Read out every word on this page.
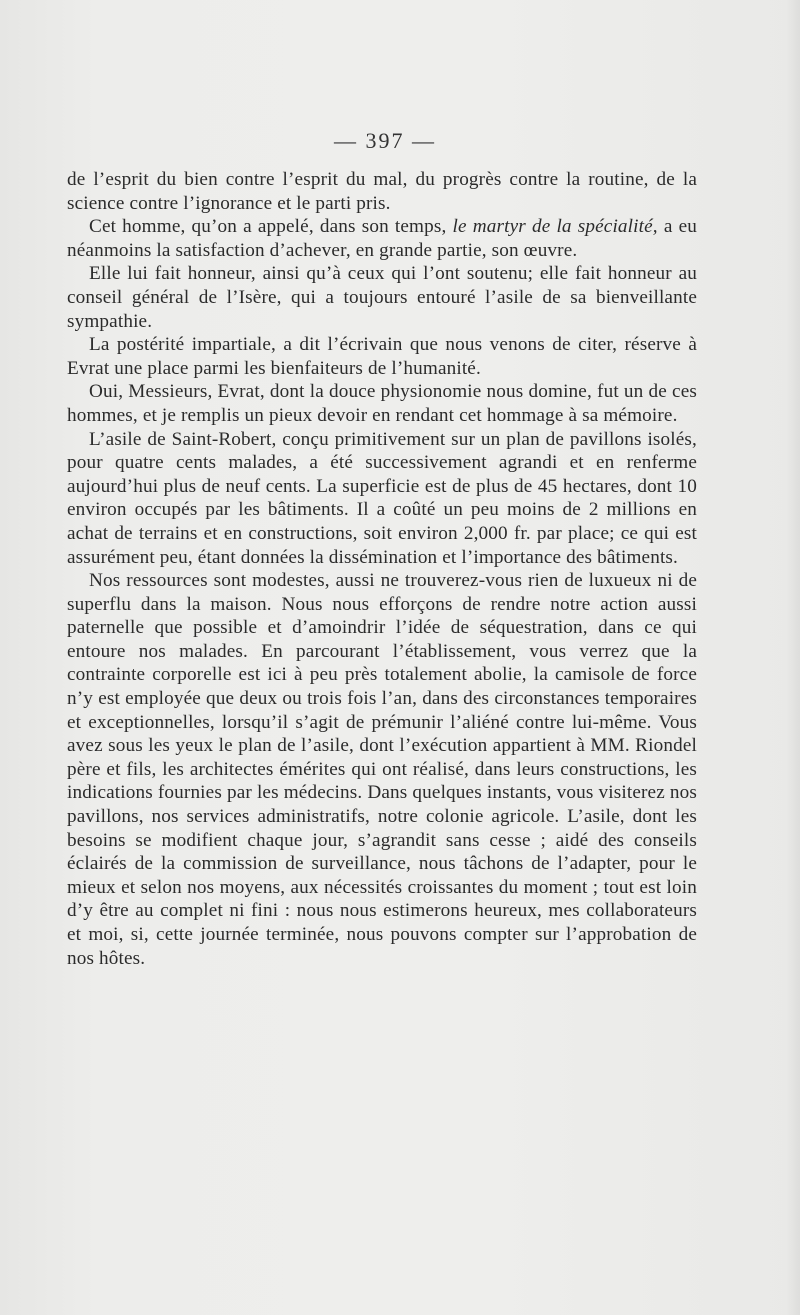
— 397 —

de l’esprit du bien contre l’esprit du mal, du progrès contre la routine, de la science contre l’ignorance et le parti pris.

Cet homme, qu’on a appelé, dans son temps, le martyr de la spécialité, a eu néanmoins la satisfaction d’achever, en grande partie, son œuvre.

Elle lui fait honneur, ainsi qu’à ceux qui l’ont soutenu; elle fait honneur au conseil général de l’Isère, qui a toujours entouré l’asile de sa bienveillante sympathie.

La postérité impartiale, a dit l’écrivain que nous venons de citer, réserve à Evrat une place parmi les bienfaiteurs de l’humanité.

Oui, Messieurs, Evrat, dont la douce physionomie nous domine, fut un de ces hommes, et je remplis un pieux devoir en rendant cet hommage à sa mémoire.

L’asile de Saint-Robert, conçu primitivement sur un plan de pavillons isolés, pour quatre cents malades, a été successivement agrandi et en renferme aujourd’hui plus de neuf cents. La superficie est de plus de 45 hectares, dont 10 environ occupés par les bâtiments. Il a coûté un peu moins de 2 millions en achat de terrains et en constructions, soit environ 2,000 fr. par place; ce qui est assurément peu, étant données la dissémination et l’importance des bâtiments.

Nos ressources sont modestes, aussi ne trouverez-vous rien de luxueux ni de superflu dans la maison. Nous nous efforçons de rendre notre action aussi paternelle que possible et d’amoindrir l’idée de séquestration, dans ce qui entoure nos malades. En parcourant l’établissement, vous verrez que la contrainte corporelle est ici à peu près totalement abolie, la camisole de force n’y est employée que deux ou trois fois l’an, dans des circonstances temporaires et exceptionnelles, lorsqu’il s’agit de prémunir l’aliéné contre lui-même. Vous avez sous les yeux le plan de l’asile, dont l’exécution appartient à MM. Riondel père et fils, les architectes émérites qui ont réalisé, dans leurs constructions, les indications fournies par les médecins. Dans quelques instants, vous visiterez nos pavillons, nos services administratifs, notre colonie agricole. L’asile, dont les besoins se modifient chaque jour, s’agrandit sans cesse ; aidé des conseils éclairés de la commission de surveillance, nous tâchons de l’adapter, pour le mieux et selon nos moyens, aux nécessités croissantes du moment ; tout est loin d’y être au complet ni fini : nous nous estimerons heureux, mes collaborateurs et moi, si, cette journée terminée, nous pouvons compter sur l’approbation de nos hôtes.
